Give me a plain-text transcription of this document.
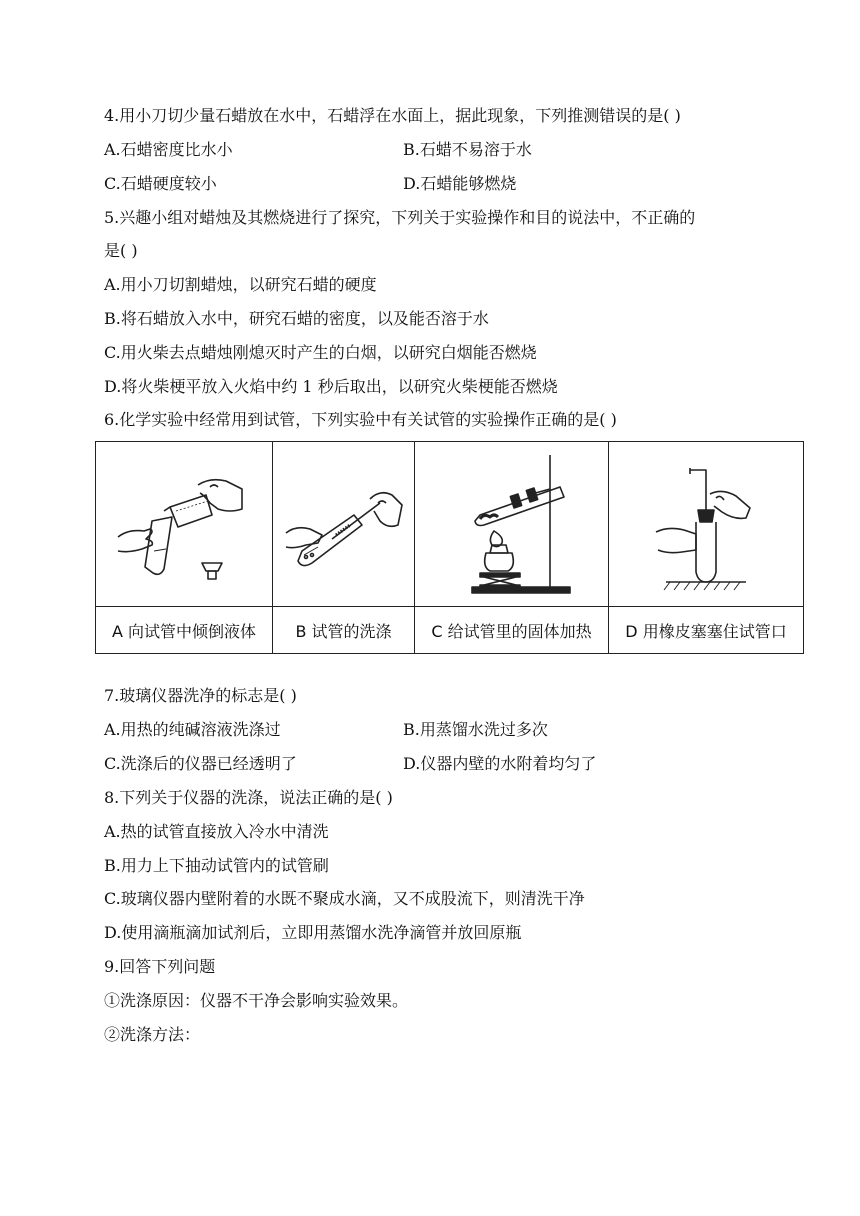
4.用小刀切少量石蜡放在水中，石蜡浮在水面上，据此现象，下列推测错误的是( )
A.石蜡密度比水小	B.石蜡不易溶于水
C.石蜡硬度较小	D.石蜡能够燃烧
5.兴趣小组对蜡烛及其燃烧进行了探究，下列关于实验操作和目的说法中，不正确的
是( )
A.用小刀切割蜡烛，以研究石蜡的硬度
B.将石蜡放入水中，研究石蜡的密度，以及能否溶于水
C.用火柴去点蜡烛刚熄灭时产生的白烟，以研究白烟能否燃烧
D.将火柴梗平放入火焰中约 1 秒后取出，以研究火柴梗能否燃烧
6.化学实验中经常用到试管，下列实验中有关试管的实验操作正确的是( )

A 向试管中倾倒液体	B 试管的洗涤	C 给试管里的固体加热	D 用橡皮塞塞住试管口
7.玻璃仪器洗净的标志是( )
A.用热的纯碱溶液洗涤过	B.用蒸馏水洗过多次
C.洗涤后的仪器已经透明了	D.仪器内壁的水附着均匀了
8.下列关于仪器的洗涤，说法正确的是( )
A.热的试管直接放入冷水中清洗
B.用力上下抽动试管内的试管刷
C.玻璃仪器内壁附着的水既不聚成水滴，又不成股流下，则清洗干净
D.使用滴瓶滴加试剂后，立即用蒸馏水洗净滴管并放回原瓶
9.回答下列问题
①洗涤原因：仪器不干净会影响实验效果。
②洗涤方法：
